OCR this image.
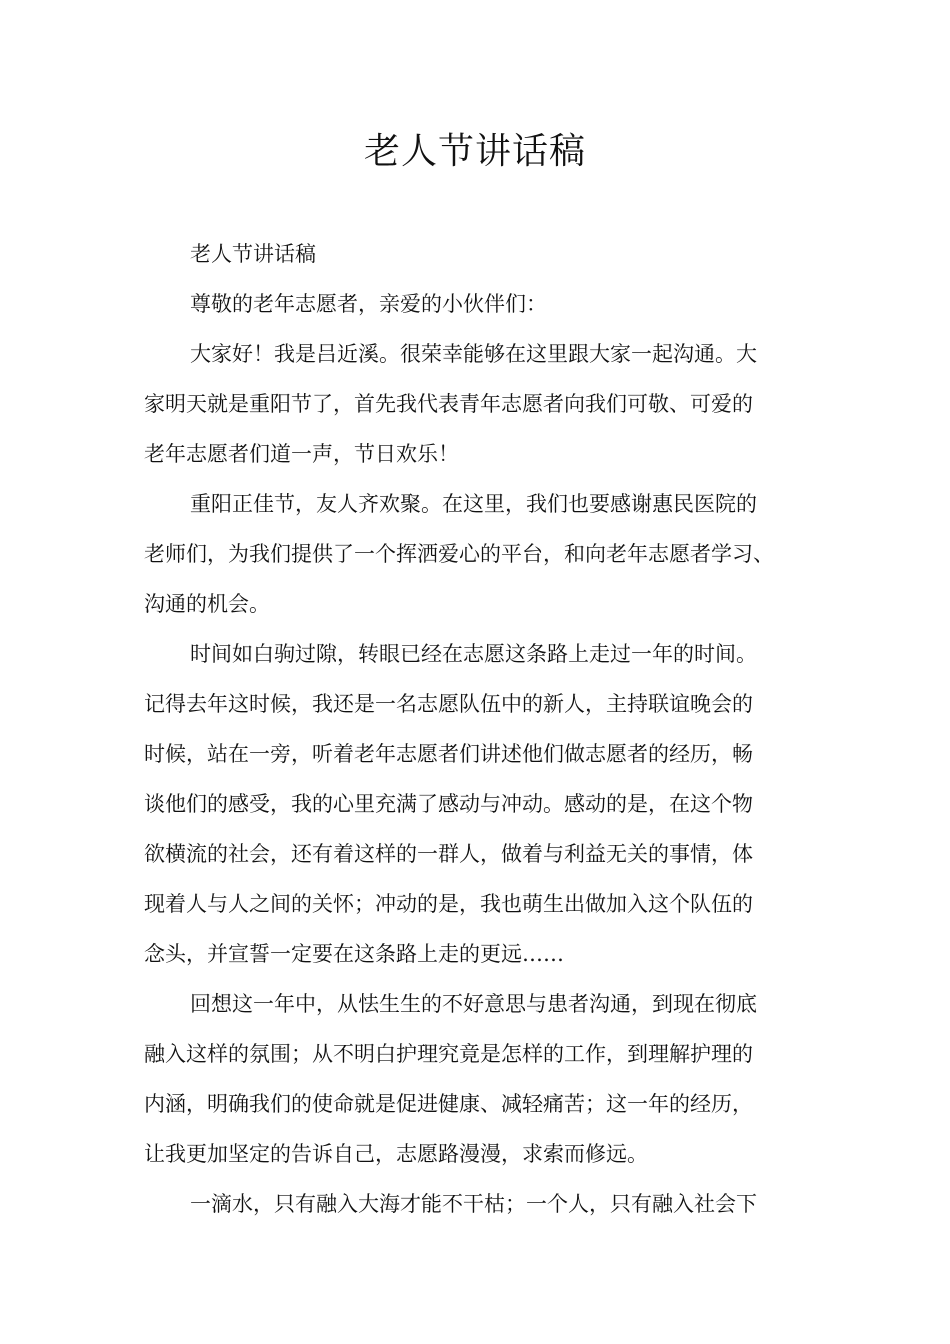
老人节讲话稿
老人节讲话稿
尊敬的老年志愿者，亲爱的小伙伴们：
大家好！我是吕近溪。很荣幸能够在这里跟大家一起沟通。大
家明天就是重阳节了，首先我代表青年志愿者向我们可敬、可爱的
老年志愿者们道一声，节日欢乐！
重阳正佳节，友人齐欢聚。在这里，我们也要感谢惠民医院的
老师们，为我们提供了一个挥洒爱心的平台，和向老年志愿者学习、
沟通的机会。
时间如白驹过隙，转眼已经在志愿这条路上走过一年的时间。
记得去年这时候，我还是一名志愿队伍中的新人，主持联谊晚会的
时候，站在一旁，听着老年志愿者们讲述他们做志愿者的经历，畅
谈他们的感受，我的心里充满了感动与冲动。感动的是，在这个物
欲横流的社会，还有着这样的一群人，做着与利益无关的事情，体
现着人与人之间的关怀；冲动的是，我也萌生出做加入这个队伍的
念头，并宣誓一定要在这条路上走的更远……
回想这一年中，从怯生生的不好意思与患者沟通，到现在彻底
融入这样的氛围；从不明白护理究竟是怎样的工作，到理解护理的
内涵，明确我们的使命就是促进健康、减轻痛苦；这一年的经历，
让我更加坚定的告诉自己，志愿路漫漫，求索而修远。
一滴水，只有融入大海才能不干枯；一个人，只有融入社会下
